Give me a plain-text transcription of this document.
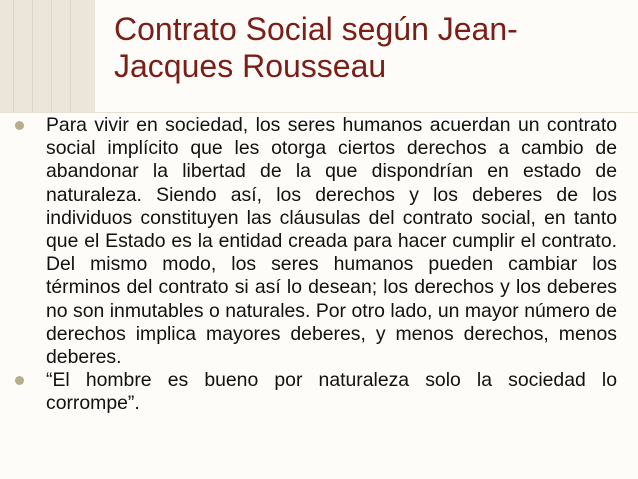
Contrato Social según Jean-Jacques Rousseau
Para vivir en sociedad, los seres humanos acuerdan un contrato social implícito que les otorga ciertos derechos a cambio de abandonar la libertad de la que dispondrían en estado de naturaleza. Siendo así, los derechos y los deberes de los individuos constituyen las cláusulas del contrato social, en tanto que el Estado es la entidad creada para hacer cumplir el contrato. Del mismo modo, los seres humanos pueden cambiar los términos del contrato si así lo desean; los derechos y los deberes no son inmutables o naturales. Por otro lado, un mayor número de derechos implica mayores deberes, y menos derechos, menos deberes.
“El hombre es bueno por naturaleza solo la sociedad lo corrompe”.
